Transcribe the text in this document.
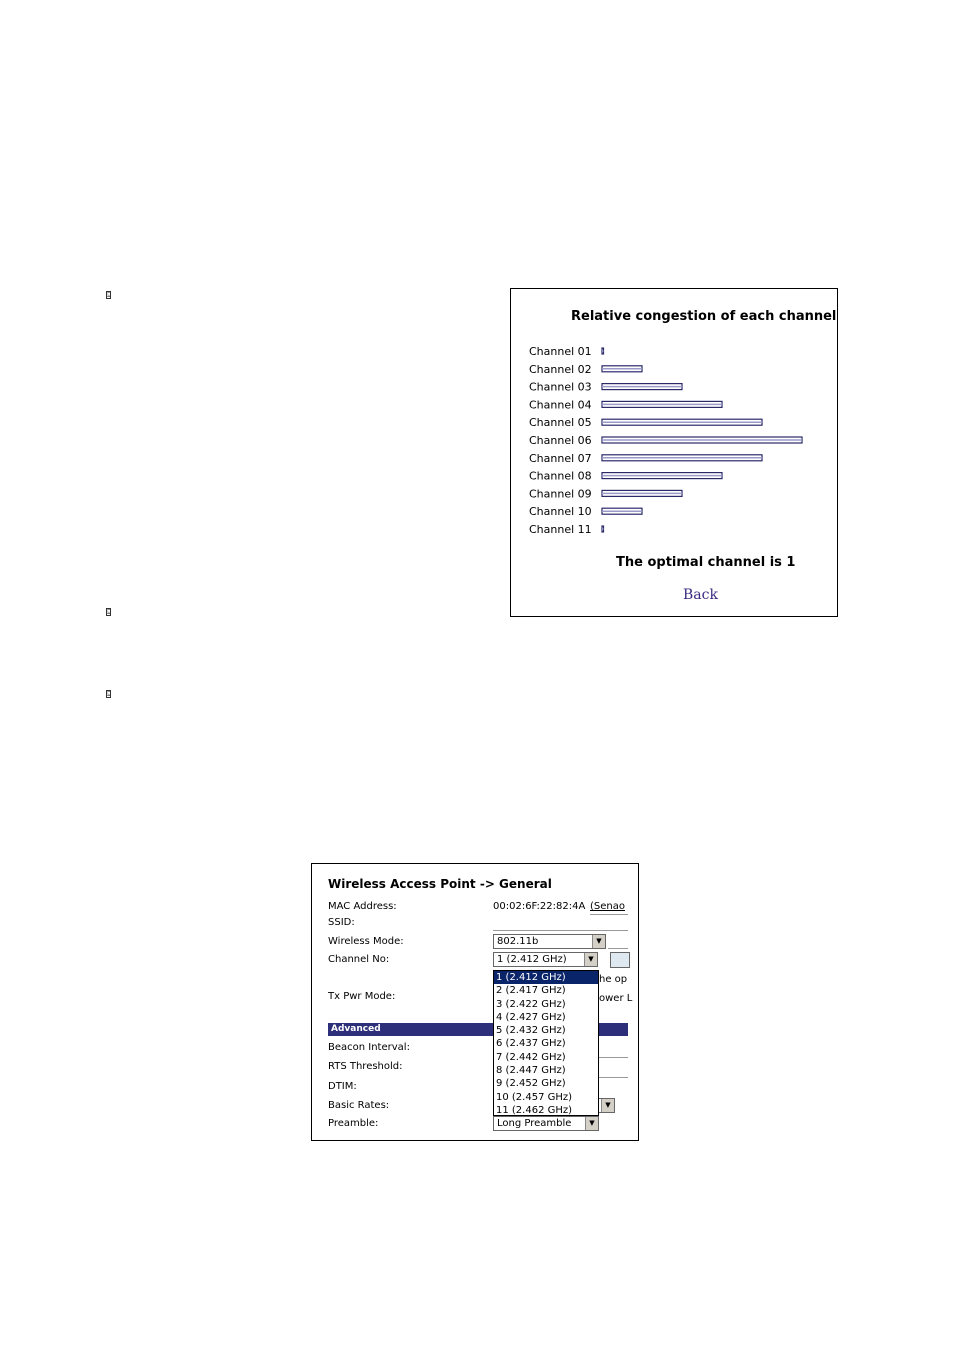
⍓
⍓
⍓
Relative congestion of each channel
Channel 01
Channel 02
Channel 03
Channel 04
Channel 05
Channel 06
Channel 07
Channel 08
Channel 09
Channel 10
Channel 11
The optimal channel is 1
Back
Wireless Access Point -> General
MAC Address:	00:02:6F:22:82:4A (Senao
SSID:
Wireless Mode:	802.11b	▼
Channel No:	1 (2.412 GHz)	▼
he op
Tx Pwr Mode:	ower L
Advanced
Beacon Interval:
RTS Threshold:
DTIM:
Basic Rates:	▼
Preamble:	Long Preamble	▼
1 (2.412 GHz)
2 (2.417 GHz)
3 (2.422 GHz)
4 (2.427 GHz)
5 (2.432 GHz)
6 (2.437 GHz)
7 (2.442 GHz)
8 (2.447 GHz)
9 (2.452 GHz)
10 (2.457 GHz)
11 (2.462 GHz)
